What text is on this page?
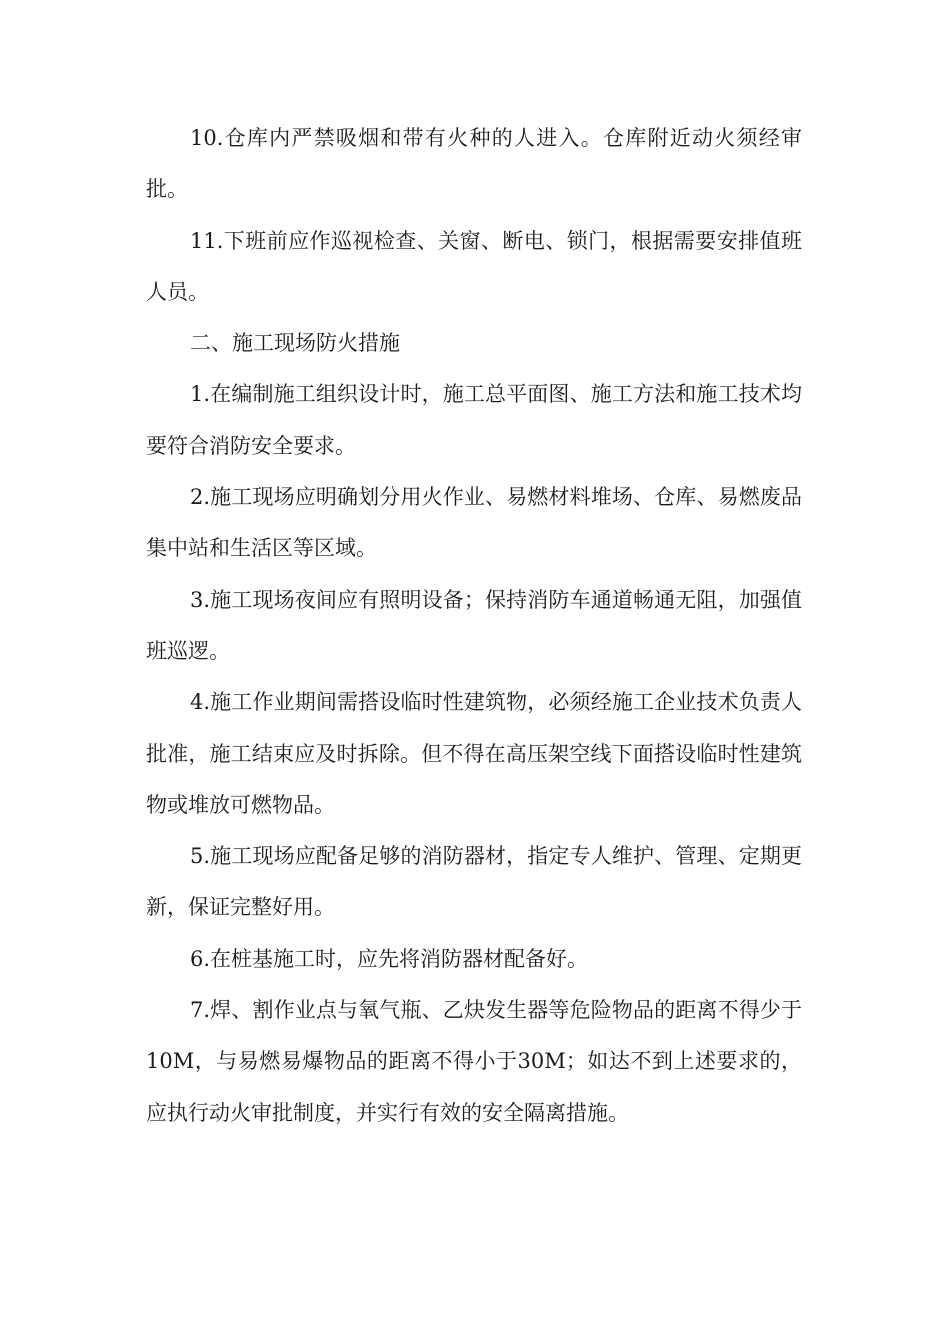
10.仓库内严禁吸烟和带有火种的人进入。仓库附近动火须经审批。

11.下班前应作巡视检查、关窗、断电、锁门，根据需要安排值班人员。

二、施工现场防火措施

1.在编制施工组织设计时，施工总平面图、施工方法和施工技术均要符合消防安全要求。

2.施工现场应明确划分用火作业、易燃材料堆场、仓库、易燃废品集中站和生活区等区域。

3.施工现场夜间应有照明设备；保持消防车通道畅通无阻，加强值班巡逻。

4.施工作业期间需搭设临时性建筑物，必须经施工企业技术负责人批准，施工结束应及时拆除。但不得在高压架空线下面搭设临时性建筑物或堆放可燃物品。

5.施工现场应配备足够的消防器材，指定专人维护、管理、定期更新，保证完整好用。

6.在桩基施工时，应先将消防器材配备好。

7.焊、割作业点与氧气瓶、乙炔发生器等危险物品的距离不得少于10M，与易燃易爆物品的距离不得小于30M；如达不到上述要求的，应执行动火审批制度，并实行有效的安全隔离措施。
